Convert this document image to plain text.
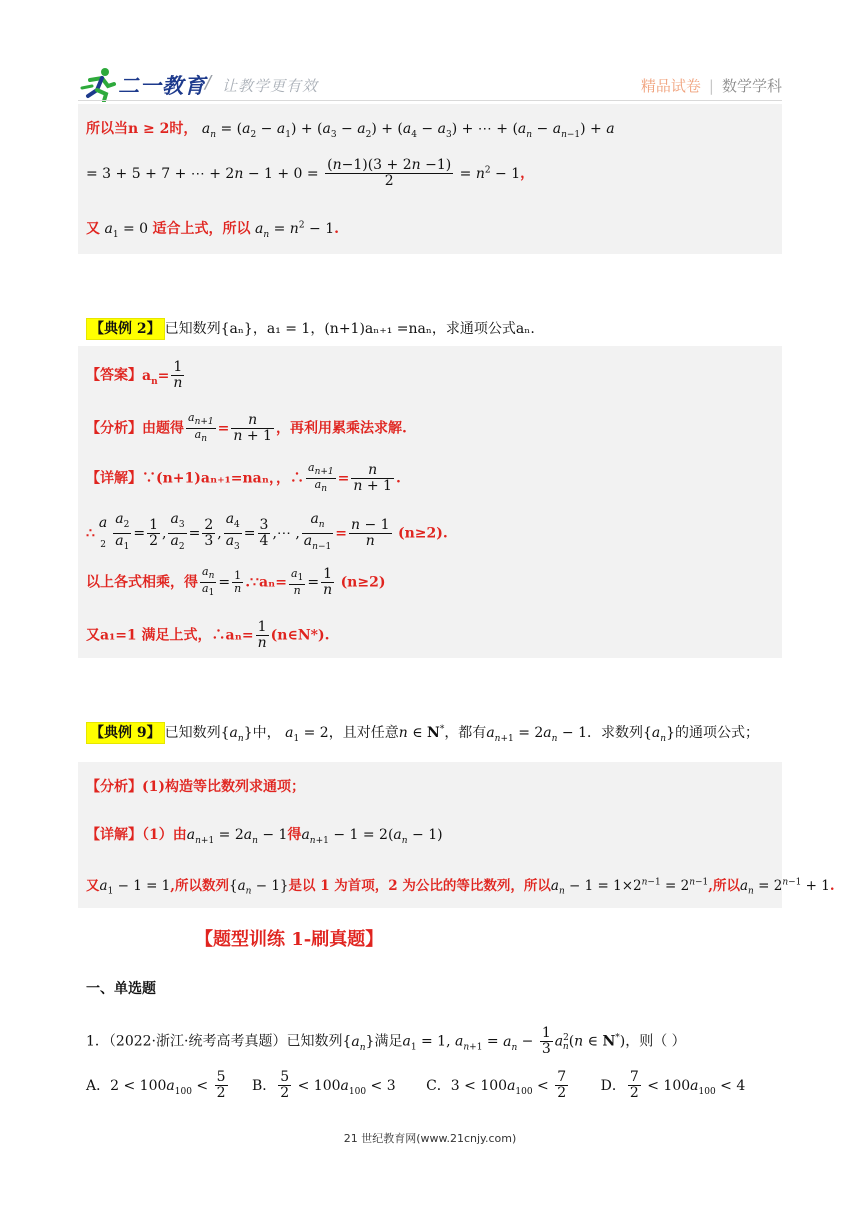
二一教育 / 让教学更有效	精品试卷 | 数学学科
所以当n ≥ 2时， $a_n = (a_2 - a_1) + (a_3 - a_2) + (a_4 - a_3)$ + ⋯ + $(a_n - a_{n-1}) + a$
= 3 + 5 + 7 + ⋯ + $2n - 1 + 0 = \frac{(n-1)(3 + 2n -1)}{2} = n^2 - 1$，
又 $a_1 = 0$ 适合上式，所以 $a_n = n^2 - 1$.
【典例 2】 已知数列{aₙ}，a₁ = 1，(n+1)aₙ₊₁ =naₙ，求通项公式aₙ.
【答案】$a_n= \frac{1}{n}$
【分析】由题得 $\frac{a_{n+1}}{a_n} = \frac{n}{n + 1}$ ，再利用累乘法求解.
【详解】∵(n+1)aₙ₊₁=naₙ，，∴ $\frac{a_{n+1}}{a_n} = \frac{n}{n + 1}$ .
∴
a
$_2 \frac{a_2}{a_1} = \frac{1}{2}$ , $\frac{a_3}{a_2} = \frac{2}{3}$ , $\frac{a_4}{a_3} = \frac{3}{4}$ ,⋯ , $\frac{a_n}{a_{n-1}} = \frac{n - 1}{n} (n\ge 2)$.
以上各式相乘，得 $\frac{a_n}{a_1} = \frac{1}{n}$ .∵aₙ= $\frac{a_1}{n} = \frac{1}{n} (n\ge 2)$
又a₁=1 满足上式，∴aₙ= $\frac{1}{n}$ (n∈N*).
【典例 9】 已知数列$\{a_n\}$中， $a_1 = 2$，且对任意n ∈ N*，都有$a_{n+1} = 2a_n - 1$．求数列$\{a_n\}$的通项公式；
【分析】(1)构造等比数列求通项；
【详解】（1）由$a_{n+1} = 2a_n - 1$得$a_{n+1} - 1 = 2(a_n - 1)$
又$a_1 - 1 = 1$,所以数列$\{a_n - 1\}$是以 1 为首项，2 为公比的等比数列，所以$a_n - 1 = 1\times 2^{n-1} = 2^{n-1}$,所以$a_n = 2^{n-1} + 1$.
【题型训练 1-刷真题】
一、单选题
1．（2022·浙江·统考高考真题）已知数列$\{a_n\}$满足$a_1 = 1$, $a_{n+1} = a_n - \frac{1}{3} a^2_n(n$ ∈ N*)，则（ ）
A．$2 < 100a_{100} < \frac{5}{2}$ B． $\frac{5}{2} < 100a_{100} < 3$ C．$3 < 100a_{100} < \frac{7}{2}$ D． $\frac{7}{2} < 100a_{100} < 4$
21 世纪教育网(www.21cnjy.com)
